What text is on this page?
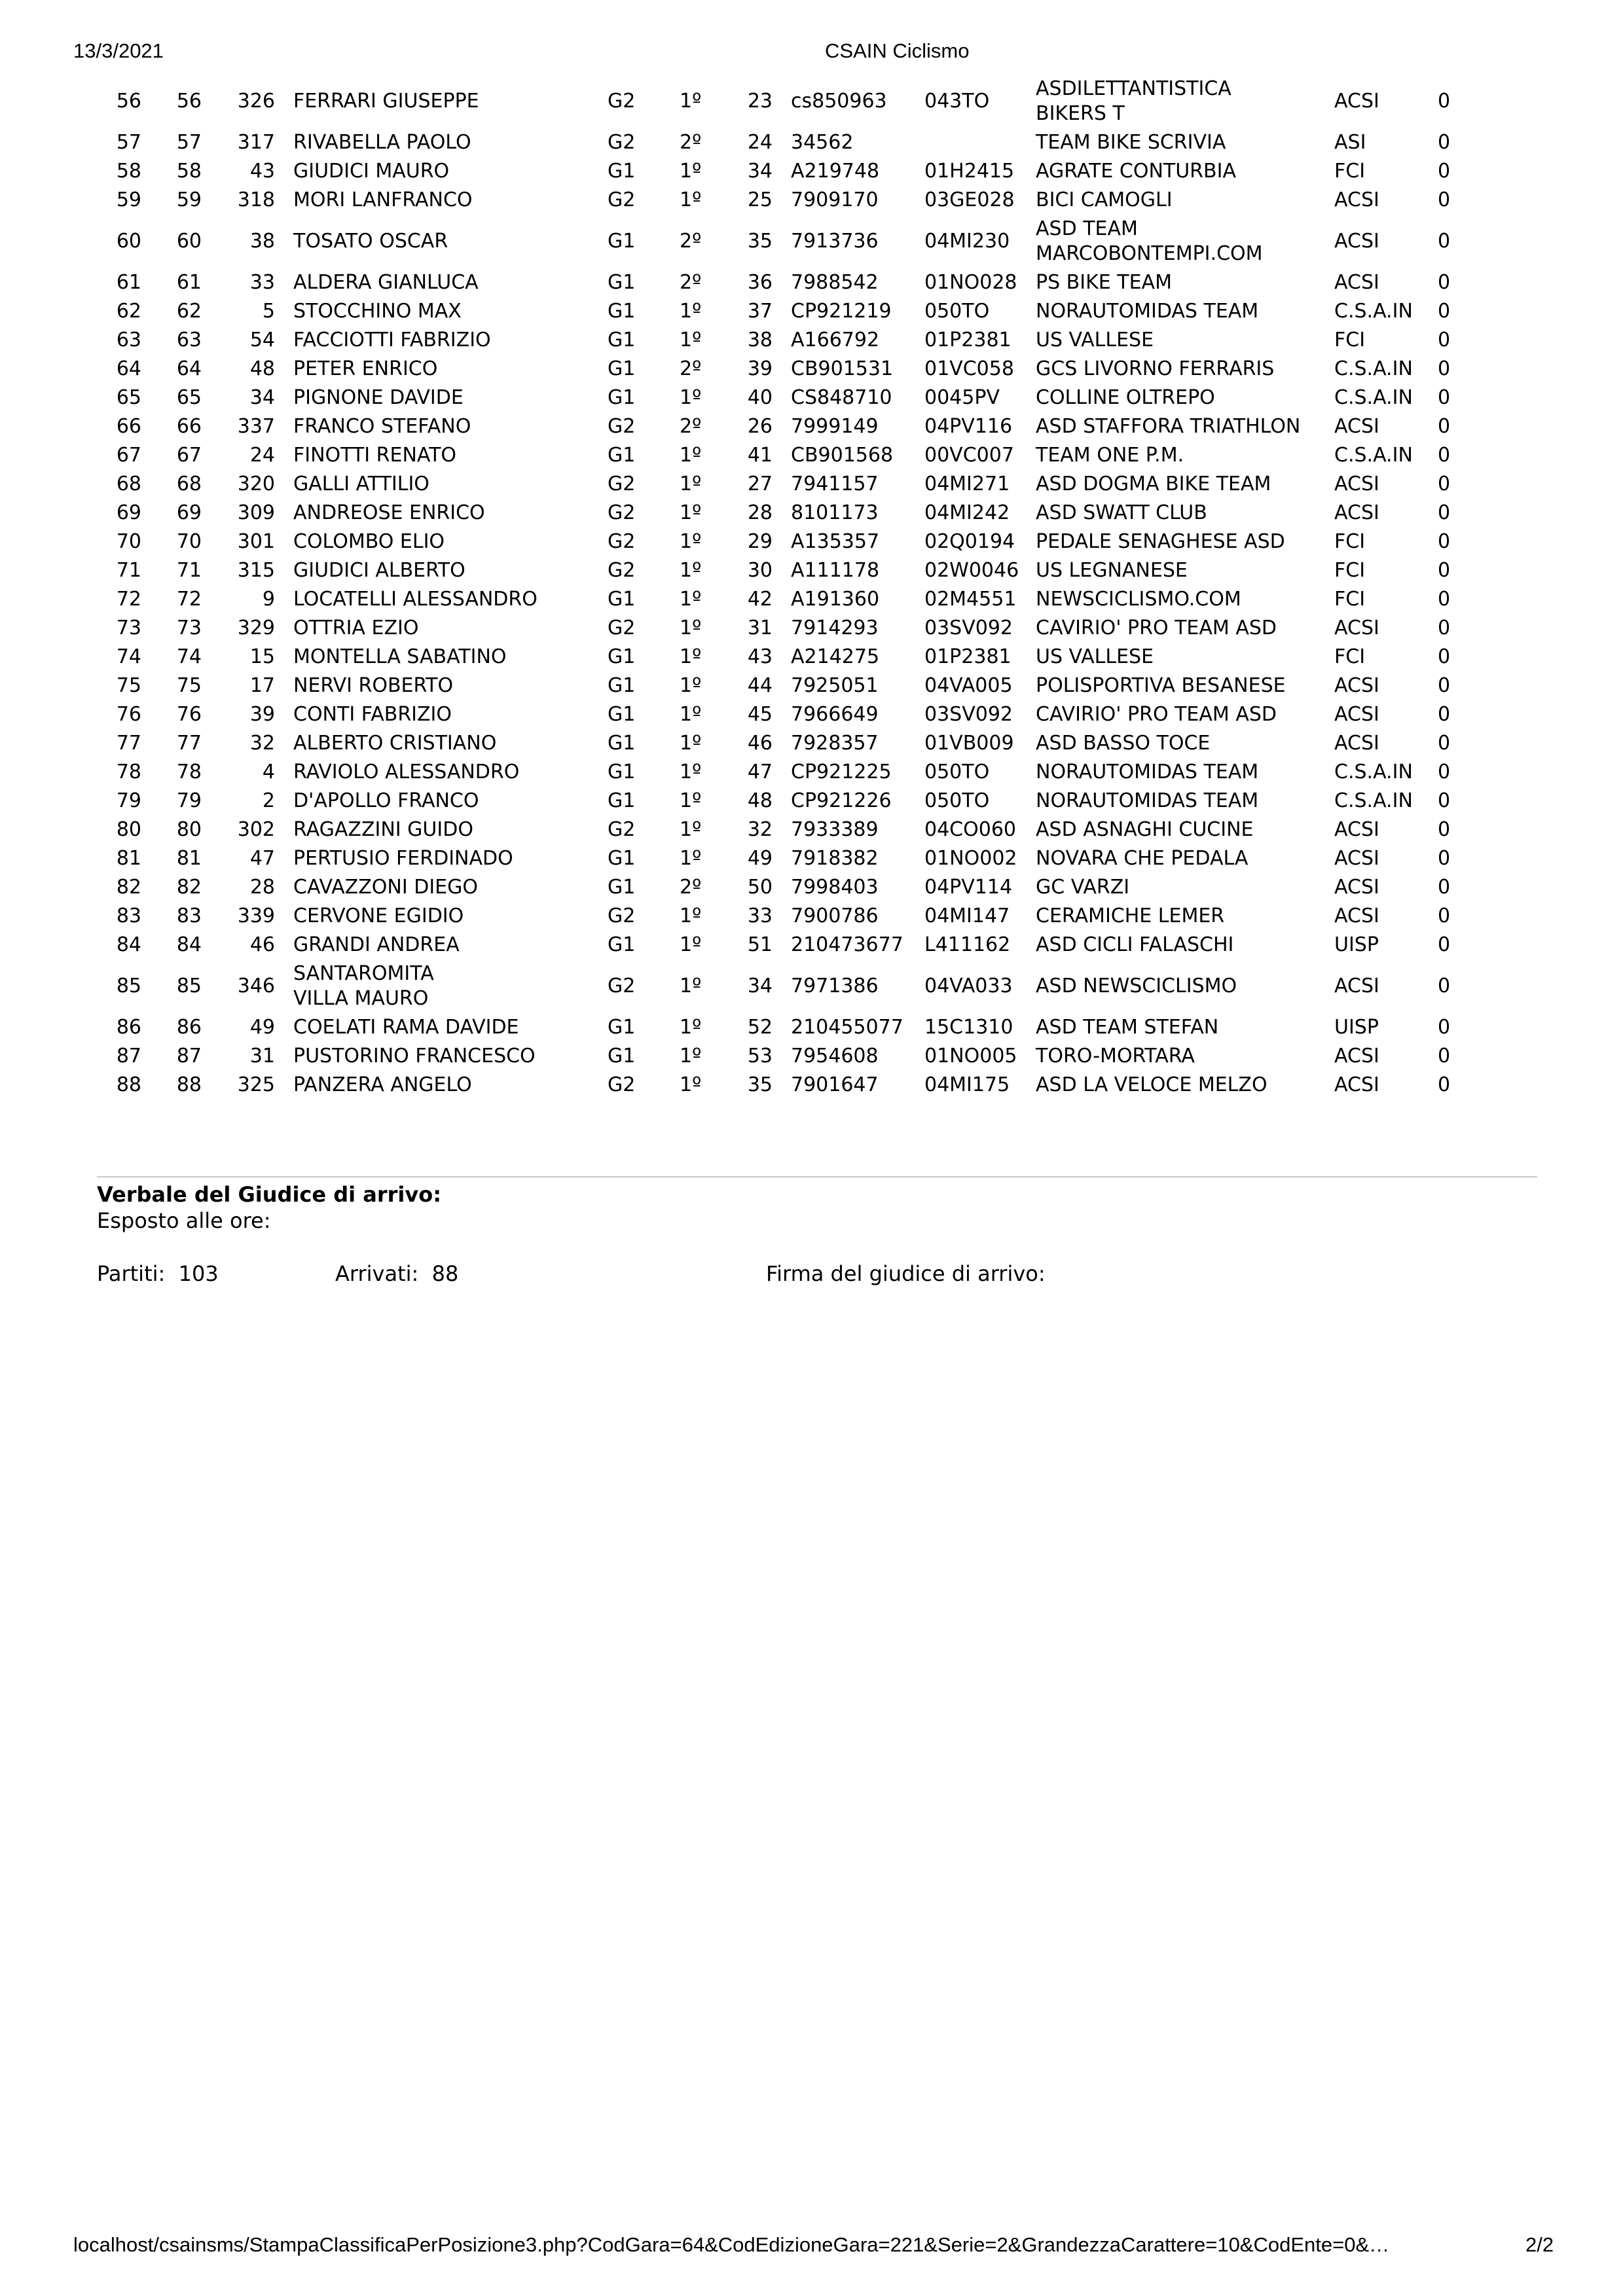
13/3/2021	CSAIN Ciclismo
56	56	326	FERRARI GIUSEPPE	G2	1º	23	cs850963	043TO	ASDILETTANTISTICA
BIKERS T	ACSI	0
57	57	317	RIVABELLA PAOLO	G2	2º	24	34562		TEAM BIKE SCRIVIA	ASI	0
58	58	43	GIUDICI MAURO	G1	1º	34	A219748	01H2415	AGRATE CONTURBIA	FCI	0
59	59	318	MORI LANFRANCO	G2	1º	25	7909170	03GE028	BICI CAMOGLI	ACSI	0
60	60	38	TOSATO OSCAR	G1	2º	35	7913736	04MI230	ASD TEAM
MARCOBONTEMPI.COM	ACSI	0
61	61	33	ALDERA GIANLUCA	G1	2º	36	7988542	01NO028	PS BIKE TEAM	ACSI	0
62	62	5	STOCCHINO MAX	G1	1º	37	CP921219	050TO	NORAUTOMIDAS TEAM	C.S.A.IN	0
63	63	54	FACCIOTTI FABRIZIO	G1	1º	38	A166792	01P2381	US VALLESE	FCI	0
64	64	48	PETER ENRICO	G1	2º	39	CB901531	01VC058	GCS LIVORNO FERRARIS	C.S.A.IN	0
65	65	34	PIGNONE DAVIDE	G1	1º	40	CS848710	0045PV	COLLINE OLTREPO	C.S.A.IN	0
66	66	337	FRANCO STEFANO	G2	2º	26	7999149	04PV116	ASD STAFFORA TRIATHLON	ACSI	0
67	67	24	FINOTTI RENATO	G1	1º	41	CB901568	00VC007	TEAM ONE P.M.	C.S.A.IN	0
68	68	320	GALLI ATTILIO	G2	1º	27	7941157	04MI271	ASD DOGMA BIKE TEAM	ACSI	0
69	69	309	ANDREOSE ENRICO	G2	1º	28	8101173	04MI242	ASD SWATT CLUB	ACSI	0
70	70	301	COLOMBO ELIO	G2	1º	29	A135357	02Q0194	PEDALE SENAGHESE ASD	FCI	0
71	71	315	GIUDICI ALBERTO	G2	1º	30	A111178	02W0046	US LEGNANESE	FCI	0
72	72	9	LOCATELLI ALESSANDRO	G1	1º	42	A191360	02M4551	NEWSCICLISMO.COM	FCI	0
73	73	329	OTTRIA EZIO	G2	1º	31	7914293	03SV092	CAVIRIO' PRO TEAM ASD	ACSI	0
74	74	15	MONTELLA SABATINO	G1	1º	43	A214275	01P2381	US VALLESE	FCI	0
75	75	17	NERVI ROBERTO	G1	1º	44	7925051	04VA005	POLISPORTIVA BESANESE	ACSI	0
76	76	39	CONTI FABRIZIO	G1	1º	45	7966649	03SV092	CAVIRIO' PRO TEAM ASD	ACSI	0
77	77	32	ALBERTO CRISTIANO	G1	1º	46	7928357	01VB009	ASD BASSO TOCE	ACSI	0
78	78	4	RAVIOLO ALESSANDRO	G1	1º	47	CP921225	050TO	NORAUTOMIDAS TEAM	C.S.A.IN	0
79	79	2	D'APOLLO FRANCO	G1	1º	48	CP921226	050TO	NORAUTOMIDAS TEAM	C.S.A.IN	0
80	80	302	RAGAZZINI GUIDO	G2	1º	32	7933389	04CO060	ASD ASNAGHI CUCINE	ACSI	0
81	81	47	PERTUSIO FERDINADO	G1	1º	49	7918382	01NO002	NOVARA CHE PEDALA	ACSI	0
82	82	28	CAVAZZONI DIEGO	G1	2º	50	7998403	04PV114	GC VARZI	ACSI	0
83	83	339	CERVONE EGIDIO	G2	1º	33	7900786	04MI147	CERAMICHE LEMER	ACSI	0
84	84	46	GRANDI ANDREA	G1	1º	51	210473677	L411162	ASD CICLI FALASCHI	UISP	0
85	85	346	SANTAROMITA
VILLA MAURO	G2	1º	34	7971386	04VA033	ASD NEWSCICLISMO	ACSI	0
86	86	49	COELATI RAMA DAVIDE	G1	1º	52	210455077	15C1310	ASD TEAM STEFAN	UISP	0
87	87	31	PUSTORINO FRANCESCO	G1	1º	53	7954608	01NO005	TORO-MORTARA	ACSI	0
88	88	325	PANZERA ANGELO	G2	1º	35	7901647	04MI175	ASD LA VELOCE MELZO	ACSI	0
Verbale del Giudice di arrivo:
Esposto alle ore:
Partiti:  103	Arrivati:  88	Firma del giudice di arrivo:
localhost/csainsms/StampaClassificaPerPosizione3.php?CodGara=64&CodEdizioneGara=221&Serie=2&GrandezzaCarattere=10&CodEnte=0&…	2/2
